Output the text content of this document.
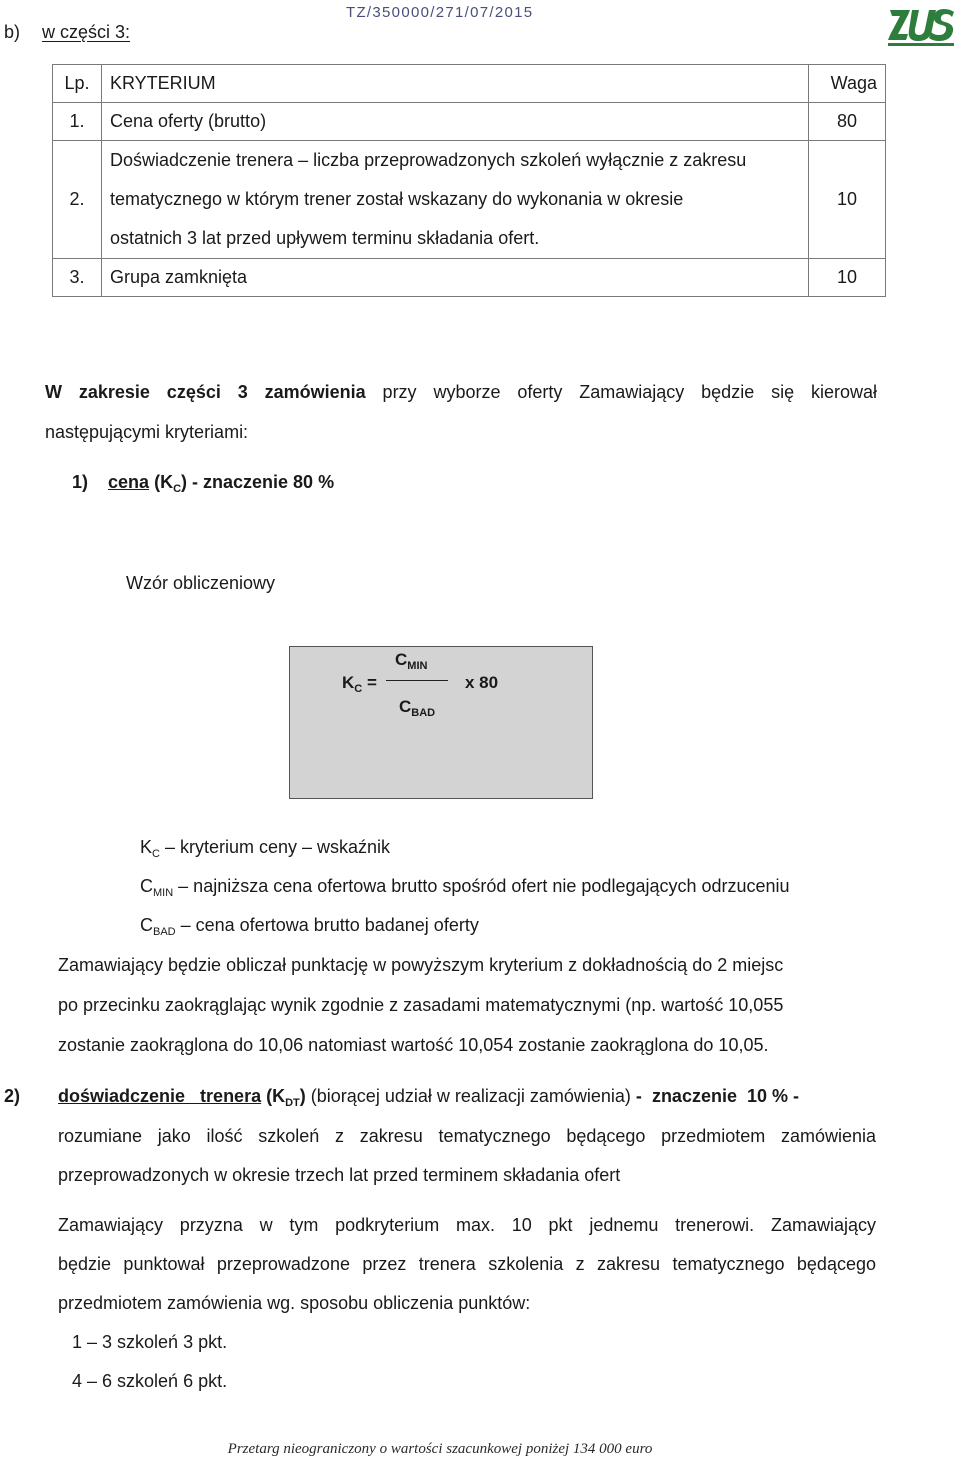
TZ/350000/271/07/2015
b) w części 3:
Lp.	KRYTERIUM	Waga
1.	Cena oferty (brutto)	80
2.	Doświadczenie trenera – liczba przeprowadzonych szkoleń wyłącznie z zakresu
tematycznego w którym trener został wskazany do wykonania w okresie
ostatnich 3 lat przed upływem terminu składania ofert.	10
3.	Grupa zamknięta	10
W zakresie części 3 zamówienia przy wyborze oferty Zamawiający będzie się kierował
następującymi kryteriami:
1) cena $(K_C)$ - znaczenie 80 %
Wzór obliczeniowy
$C_{MIN}$
$K_C$ =	x 80
$C_{BAD}$
$K_C$ – kryterium ceny – wskaźnik
$C_{MIN}$ – najniższa cena ofertowa brutto spośród ofert nie podlegających odrzuceniu
$C_{BAD}$ – cena ofertowa brutto badanej oferty
Zamawiający będzie obliczał punktację w powyższym kryterium z dokładnością do 2 miejsc
po przecinku zaokrąglając wynik zgodnie z zasadami matematycznymi (np. wartość 10,055
zostanie zaokrąglona do 10,06 natomiast wartość 10,054 zostanie zaokrąglona do 10,05.
2) doświadczenie   trenera $(K_{DT})$ (biorącej udział w realizacji zamówienia) - znaczenie 10 % -
rozumiane jako ilość szkoleń z zakresu tematycznego będącego przedmiotem zamówienia
przeprowadzonych w okresie trzech lat przed terminem składania ofert
Zamawiający przyzna w tym podkryterium max. 10 pkt jednemu trenerowi. Zamawiający
będzie punktował przeprowadzone przez trenera szkolenia z zakresu tematycznego będącego
przedmiotem zamówienia wg. sposobu obliczenia punktów:
1 – 3 szkoleń 3 pkt.
4 – 6 szkoleń 6 pkt.
Przetarg nieograniczony o wartości szacunkowej poniżej 134 000 euro
